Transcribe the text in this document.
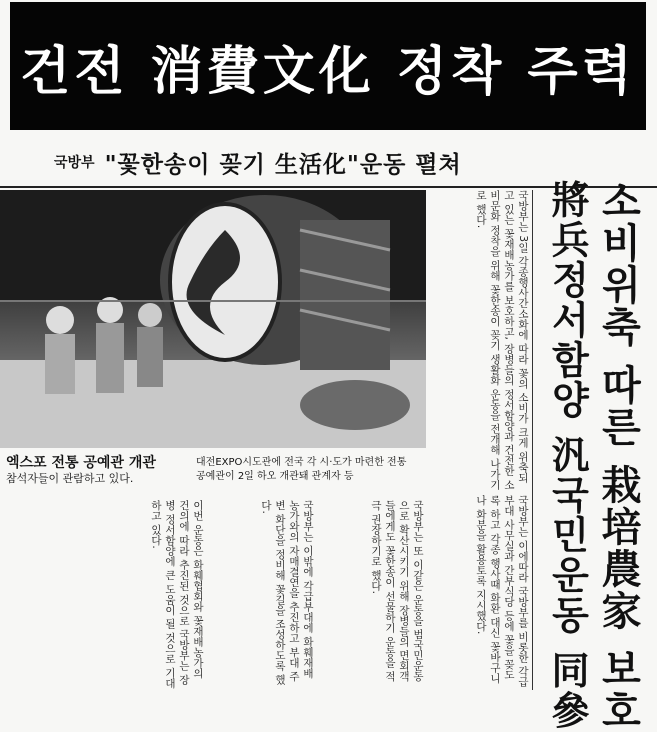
건전 消費文化 정착 주력
국방부 "꽃한송이 꽂기 生活化"운동 펼쳐
엑스포 전통 공예관 개관
참석자들이 관람하고 있다.
대전EXPO시도관에 전국 각 시·도가 마련한 전통공예관이 2일 하오 개관돼 관계자 등	소비위축 따른 栽培農家 보호
將兵정서함양 汎국민운동 同參
국방부는 3일 각종행사간소화에 따라 꽃의 소비가 크게 위축되고 있는 꽃재배농가를 보호하고, 장병들의 정서함양과 건전한 소비문화 정착을 위해 꽃한송이 꽂기 생활화 운동을 전개해 나가기로 했다.
국방부는 이에따라 국방부를 비롯한 각급부대 사무실과 간부식당 등에 꽃을 꽂도록 하고 각종 행사때 화환 대신 꽃바구니나 화분을 활용토록 지시했다.
국방부는 또 이같은 운동을 범국민운동으로 확산시키기 위해 장병들의 면회객들에게도 꽃한송이 선물하기 운동을 적극 권장하기로 했다.
국방부는 이밖에 각급부대에 화훼재배 농가와의 자매결연을 추진하고 부대 주변 화단을 정비해 꽃길을 조성하도록 했다.
이번 운동은 화훼협회와 꽃재배농가의 건의에 따라 추진된 것으로 국방부는 장병 정서함양에 큰 도움이 될 것으로 기대하고 있다.
